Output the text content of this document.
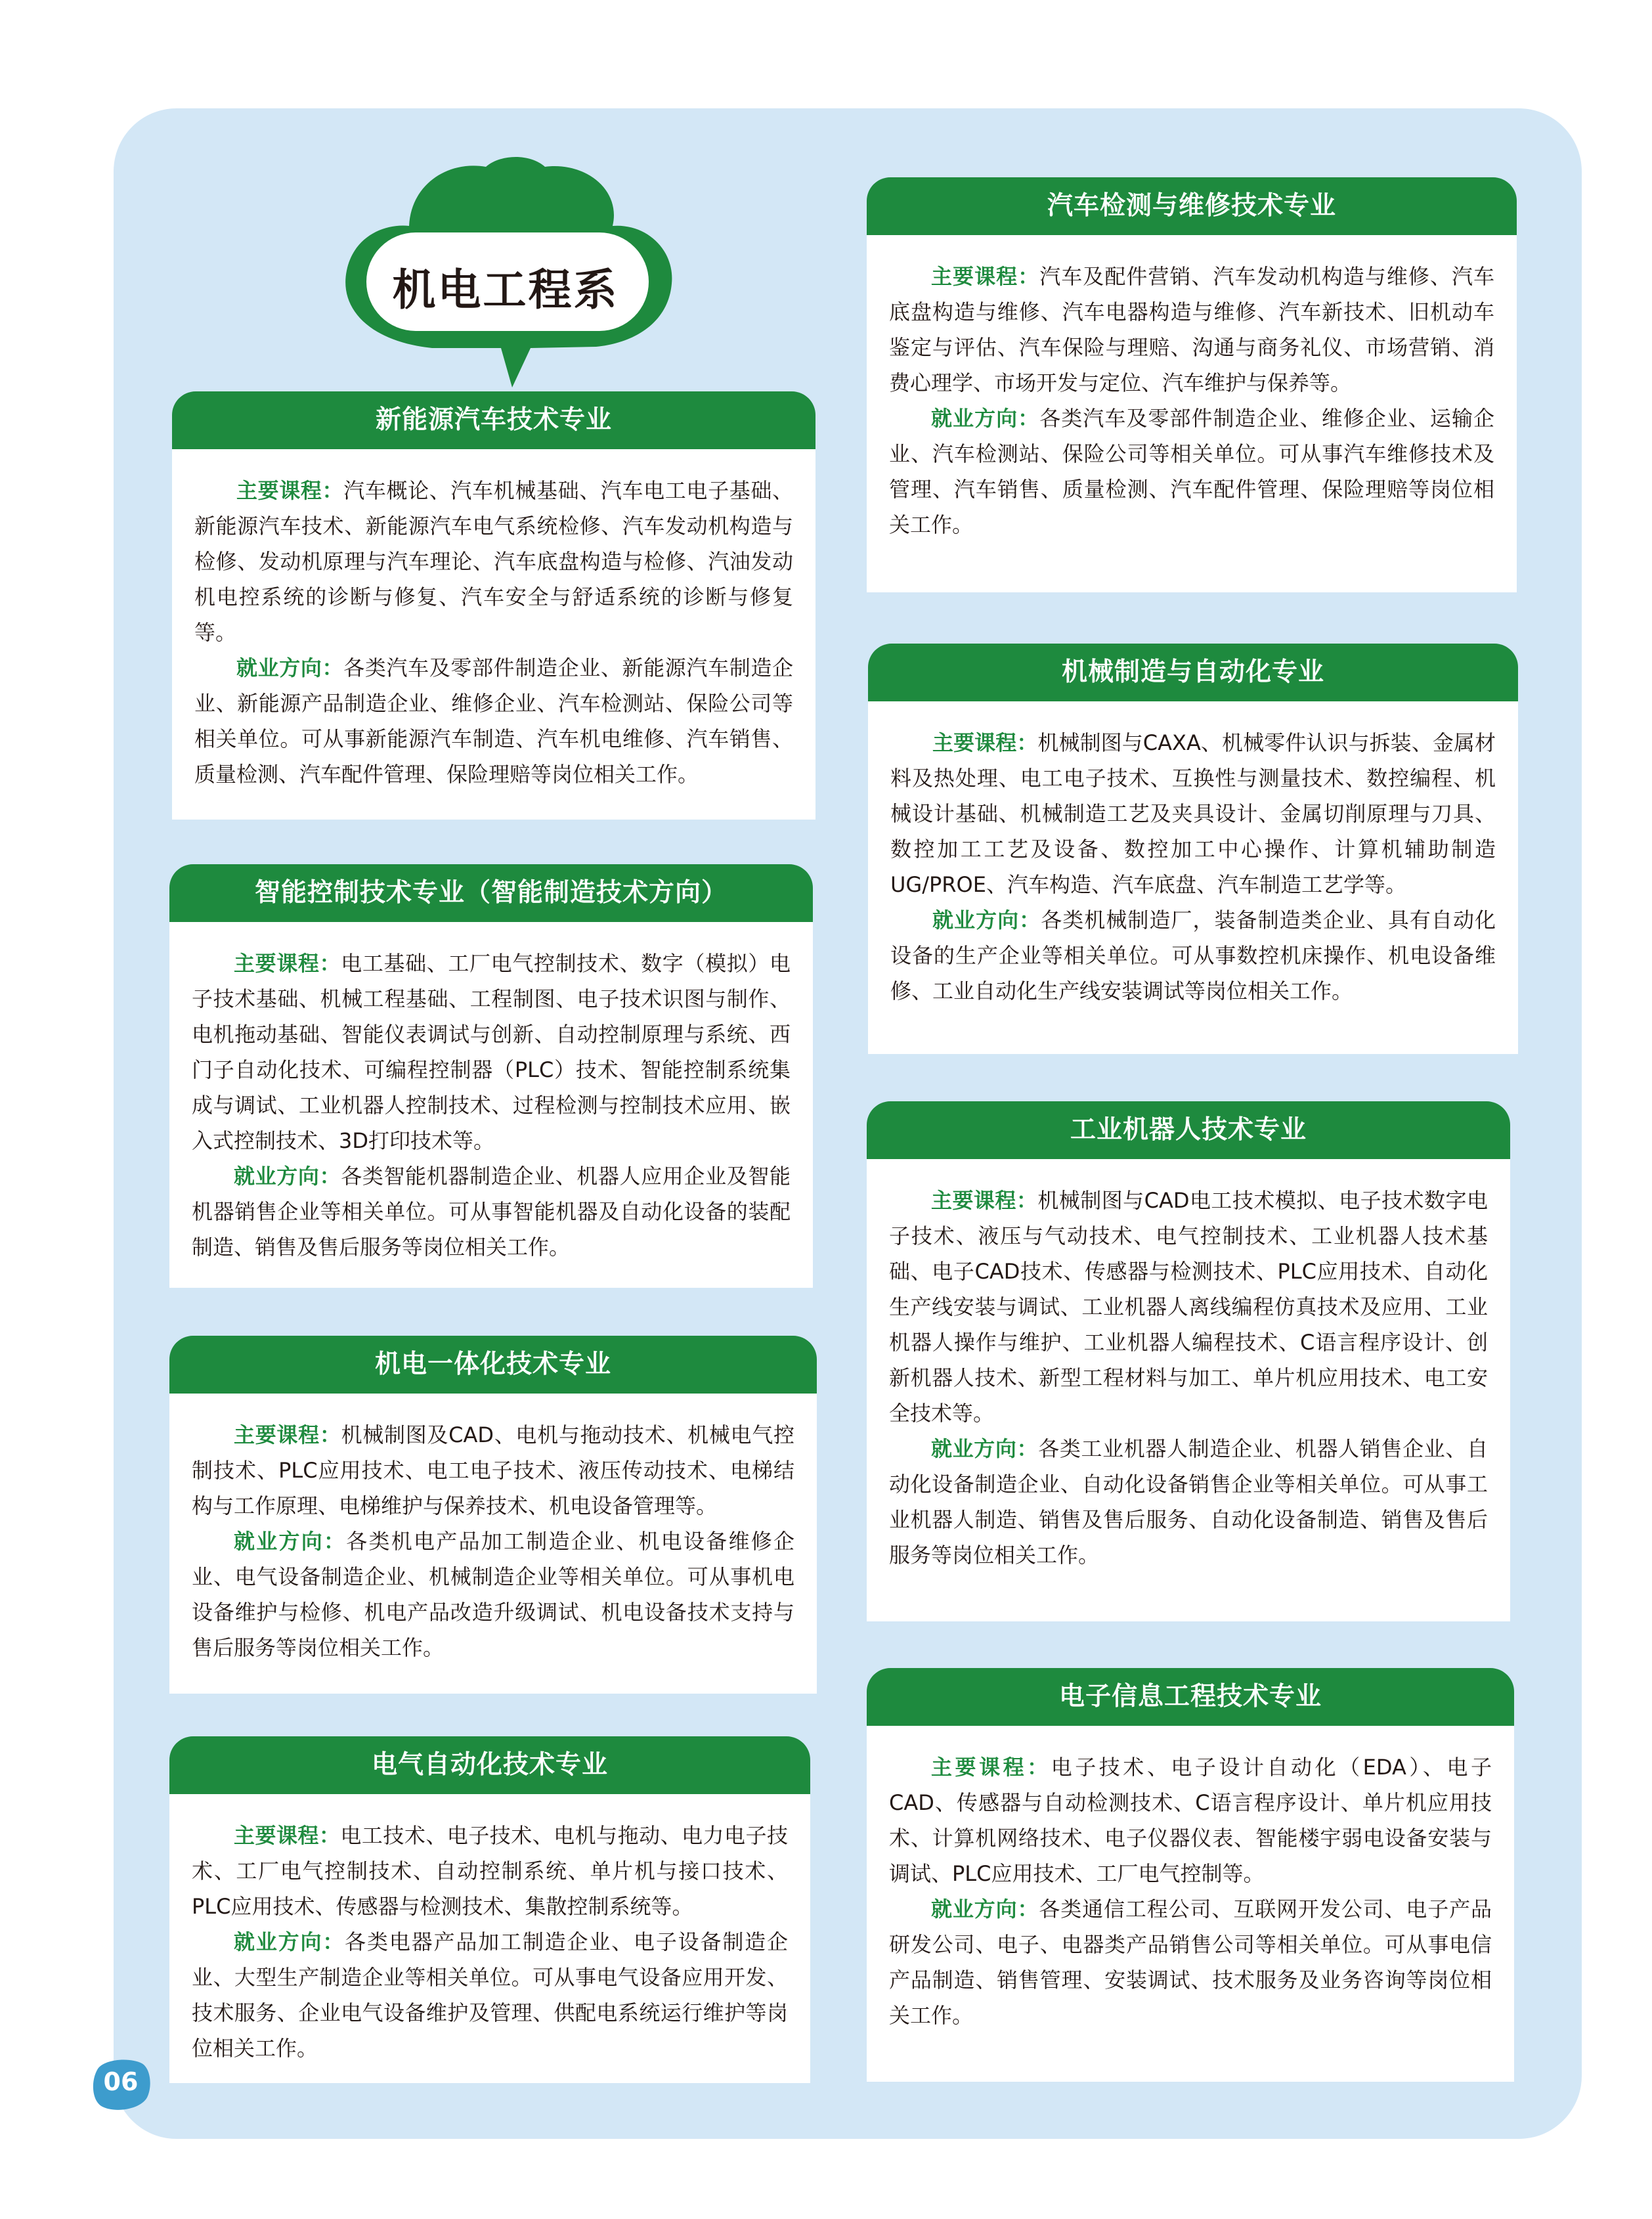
机电工程系
新能源汽车技术专业

主要课程：汽车概论、汽车机械基础、汽车电工电子基础、新能源汽车技术、新能源汽车电气系统检修、汽车发动机构造与检修、发动机原理与汽车理论、汽车底盘构造与检修、汽油发动机电控系统的诊断与修复、汽车安全与舒适系统的诊断与修复等。

就业方向：各类汽车及零部件制造企业、新能源汽车制造企业、新能源产品制造企业、维修企业、汽车检测站、保险公司等相关单位。可从事新能源汽车制造、汽车机电维修、汽车销售、质量检测、汽车配件管理、保险理赔等岗位相关工作。

智能控制技术专业（智能制造技术方向）

主要课程：电工基础、工厂电气控制技术、数字（模拟）电子技术基础、机械工程基础、工程制图、电子技术识图与制作、电机拖动基础、智能仪表调试与创新、自动控制原理与系统、西门子自动化技术、可编程控制器（PLC）技术、智能控制系统集成与调试、工业机器人控制技术、过程检测与控制技术应用、嵌入式控制技术、3D打印技术等。

就业方向：各类智能机器制造企业、机器人应用企业及智能机器销售企业等相关单位。可从事智能机器及自动化设备的装配制造、销售及售后服务等岗位相关工作。

机电一体化技术专业

主要课程：机械制图及CAD、电机与拖动技术、机械电气控制技术、PLC应用技术、电工电子技术、液压传动技术、电梯结构与工作原理、电梯维护与保养技术、机电设备管理等。

就业方向：各类机电产品加工制造企业、机电设备维修企业、电气设备制造企业、机械制造企业等相关单位。可从事机电设备维护与检修、机电产品改造升级调试、机电设备技术支持与售后服务等岗位相关工作。

电气自动化技术专业

主要课程：电工技术、电子技术、电机与拖动、电力电子技术、工厂电气控制技术、自动控制系统、单片机与接口技术、PLC应用技术、传感器与检测技术、集散控制系统等。

就业方向：各类电器产品加工制造企业、电子设备制造企业、大型生产制造企业等相关单位。可从事电气设备应用开发、技术服务、企业电气设备维护及管理、供配电系统运行维护等岗位相关工作。

汽车检测与维修技术专业

主要课程：汽车及配件营销、汽车发动机构造与维修、汽车底盘构造与维修、汽车电器构造与维修、汽车新技术、旧机动车鉴定与评估、汽车保险与理赔、沟通与商务礼仪、市场营销、消费心理学、市场开发与定位、汽车维护与保养等。

就业方向：各类汽车及零部件制造企业、维修企业、运输企业、汽车检测站、保险公司等相关单位。可从事汽车维修技术及管理、汽车销售、质量检测、汽车配件管理、保险理赔等岗位相关工作。

机械制造与自动化专业

主要课程：机械制图与CAXA、机械零件认识与拆装、金属材料及热处理、电工电子技术、互换性与测量技术、数控编程、机械设计基础、机械制造工艺及夹具设计、金属切削原理与刀具、数控加工工艺及设备、数控加工中心操作、计算机辅助制造UG/PROE、汽车构造、汽车底盘、汽车制造工艺学等。

就业方向：各类机械制造厂，装备制造类企业、具有自动化设备的生产企业等相关单位。可从事数控机床操作、机电设备维修、工业自动化生产线安装调试等岗位相关工作。

工业机器人技术专业

主要课程：机械制图与CAD电工技术模拟、电子技术数字电子技术、液压与气动技术、电气控制技术、工业机器人技术基础、电子CAD技术、传感器与检测技术、PLC应用技术、自动化生产线安装与调试、工业机器人离线编程仿真技术及应用、工业机器人操作与维护、工业机器人编程技术、C语言程序设计、创新机器人技术、新型工程材料与加工、单片机应用技术、电工安全技术等。

就业方向：各类工业机器人制造企业、机器人销售企业、自动化设备制造企业、自动化设备销售企业等相关单位。可从事工业机器人制造、销售及售后服务、自动化设备制造、销售及售后服务等岗位相关工作。

电子信息工程技术专业

主要课程：电子技术、电子设计自动化（EDA）、电子CAD、传感器与自动检测技术、C语言程序设计、单片机应用技术、计算机网络技术、电子仪器仪表、智能楼宇弱电设备安装与调试、PLC应用技术、工厂电气控制等。

就业方向：各类通信工程公司、互联网开发公司、电子产品研发公司、电子、电器类产品销售公司等相关单位。可从事电信产品制造、销售管理、安装调试、技术服务及业务咨询等岗位相关工作。

06
